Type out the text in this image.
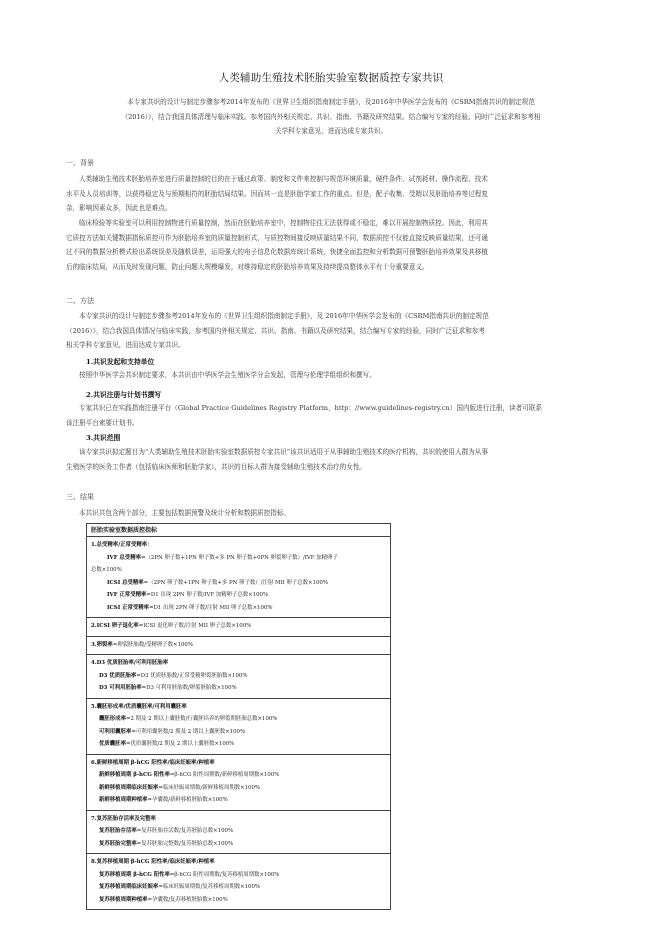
人类辅助生殖技术胚胎实验室数据质控专家共识
本专家共识的设计与制定步骤参考2014年发布的《世界卫生组织指南制定手册》，及2016年中华医学会发布的《CSRM指南共识的制定规范
（2016）》，结合我国具体清理与临床实践。参考国内外相关规定、共识、指南、书籍及研究结果。结合编写专家的经验。同时广泛征求和参考相
关学科专家意见，进而达成专家共识。
一、背景
人类辅助生殖技术胚胎培养室进行质量控制的目的在于通过政策、制度和文件来控制与规范环境质量，硬件条件、试剂耗材、操作流程、技术
水平及人员培训等，以获得稳定及与预期相符的胚胎结局结果。因而其一直是胚胎学家工作的重点。但是，配子收集、受精以及胚胎培养等过程复
杂，影响因素众多，因此也是难点。
临床检验等实验室可以利用控制物进行质量控制，然而在胚胎培养室中，控制物往往无法获得或不稳定，难以开展控制物质控。因此，利用其
它质控方法如关键数据指标质控可作为胚胎培养室的质量控制形式，与质控物间接反映质量结果不同，数据质控不仅能直接反映质量结果，还可通
过不同的数据分析模式检出系统误差及随机误差，运用强大的电子信息化数据库统计系统，快捷全面监控和分析数据可预警胚胎培养效果及其移植
后的临床结局，从而及时发现问题，防止问题大规模爆发，对维持稳定的胚胎培养效果及持续提高整体水平有十分重要意义。
二、方法
本专家共识的设计与制定步骤参考2014年发布的《世界卫生组织指南制定手册》，及 2016年中华医学会发布的《CSRM指南共识的制定规范
（2016）》，结合我国具体情况与临床实践，参考国内外相关规定、共识、指南、书籍以及研究结果，结合编写专家的经验，同时广泛征求和参考
相关学科专家意见，进而达成专家共识。
1.共识发起和支持单位
按照中华医学会共识制定要求，本共识由中华医学会生殖医学分会发起，管理与伦理学组组织和撰写。
2.共识注册与计划书撰写
专家共识已在实践指南注册平台（Global Practice Guidelines Registry Platform，http：//www.guidelines-registry.cn）国内版进行注册，读者可联系
该注册平台索要计划书。
3.共识范围
该专家共识拟定题目为“人类辅助生殖技术胚胎实验室数据质控专家共识”该共识适用于从事辅助生殖技术的医疗机构，共识的使用人群为从事
生殖医学的医务工作者（包括临床医师和胚胎学家），共识的目标人群为接受辅助生殖技术治疗的女性。
三、结果
本共识共包含两个部分，主要包括数据预警及统计分析和数据质控指标。
胚胎实验室数据质控指标
1.总受精率/正常受精率：
IVF 总受精率=（2PN 卵子数+1PN 卵子数+多 PN 卵子数+0PN 卵裂卵子数）/IVF 加精卵子
总数×100%
ICSI 总受精率=（2PN 卵子数+1PN 卵子数+多 PN 卵子数）/注射 MII 卵子总数×100%
IVF 正常受精率=D1 出现 2PN 卵子数/IVF 加精卵子总数×100%
ICSI 正常受精率=D1 出现 2PN 卵子数/注射 MII 卵子总数×100%
2.ICSI 卵子退化率=ICSI 退化卵子数/注射 MII 卵子总数×100%
3.卵裂率=卵裂胚胎数/受精卵子数×100%
4.D3 优质胚胎率/可利用胚胎率
D3 优质胚胎率=D3 优质胚胎数/正常受精卵裂胚胎数×100%
D3 可利用胚胎率=D3 可利用胚胎数/卵裂胚胎数×100%
5.囊胚形成率/优质囊胚率/可利用囊胚率
囊胚形成率=2 期及 2 期以上囊胚数/行囊胚培养的卵裂期胚胎总数×100%
可利用囊胚率=可利用囊胚数/2 期及 2 期以上囊胚数×100%
优质囊胚率=优质囊胚数/2 期及 2 期以上囊胚数×100%
6.新鲜移植周期 β-hCG 阳性率/临床妊娠率/种植率
新鲜移植周期 β-hCG 阳性率=β-hCG 阳性周期数/新鲜移植周期数×100%
新鲜移植周期临床妊娠率=临床妊娠周期数/新鲜移植周期数×100%
新鲜移植周期种植率=孕囊数/新鲜移植胚胎数×100%
7.复苏胚胎存活率及完整率
复苏胚胎存活率=复苏胚胎存活数/复苏胚胎总数×100%
复苏胚胎完整率=复苏胚胎完整数/复苏胚胎总数×100%
8.复苏移植周期 β-hCG 阳性率/临床妊娠率/种植率
复苏移植周期 β-hCG 阳性率=β-hCG 阳性周期数/复苏移植周期数×100%
复苏移植周期临床妊娠率=临床妊娠周期数/复苏移植周期数×100%
复苏移植周期种植率=孕囊数/复苏移植胚胎数×100%
